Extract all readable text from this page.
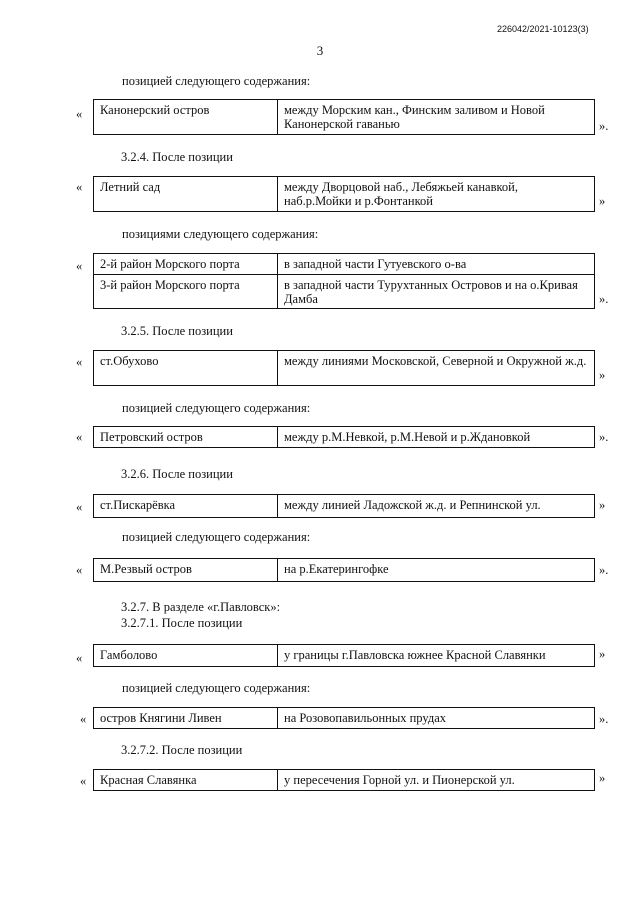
226042/2021-10123(3)
3
позицией следующего содержания:
«	Канонерский остров	между Морским кан., Финским заливом и Новой Канонерской гаванью	».
3.2.4. После позиции
«	Летний сад	между Дворцовой наб., Лебяжьей канавкой, наб.р.Мойки и р.Фонтанкой	»
позициями следующего содержания:
«	2-й район Морского порта	в западной части Гутуевского о-ва
3-й район Морского порта	в западной части Турухтанных Островов и на о.Кривая Дамба	».
3.2.5. После позиции
«	ст.Обухово	между линиями Московской, Северной и Окружной ж.д.
»
позицией следующего содержания:
«	Петровский остров	между р.М.Невкой, р.М.Невой и р.Ждановкой	».
3.2.6. После позиции
«	ст.Пискарёвка	между линией Ладожской ж.д. и Репнинской ул.	»
позицией следующего содержания:
«	М.Резвый остров	на р.Екатерингофке	».
3.2.7. В разделе «г.Павловск»:
3.2.7.1. После позиции
«	Гамболово	у границы г.Павловска южнее Красной Славянки	»
позицией следующего содержания:
«	остров Княгини Ливен	на Розовопавильонных прудах	».
3.2.7.2. После позиции
«	Красная Славянка	у пересечения Горной ул. и Пионерской ул.	»
